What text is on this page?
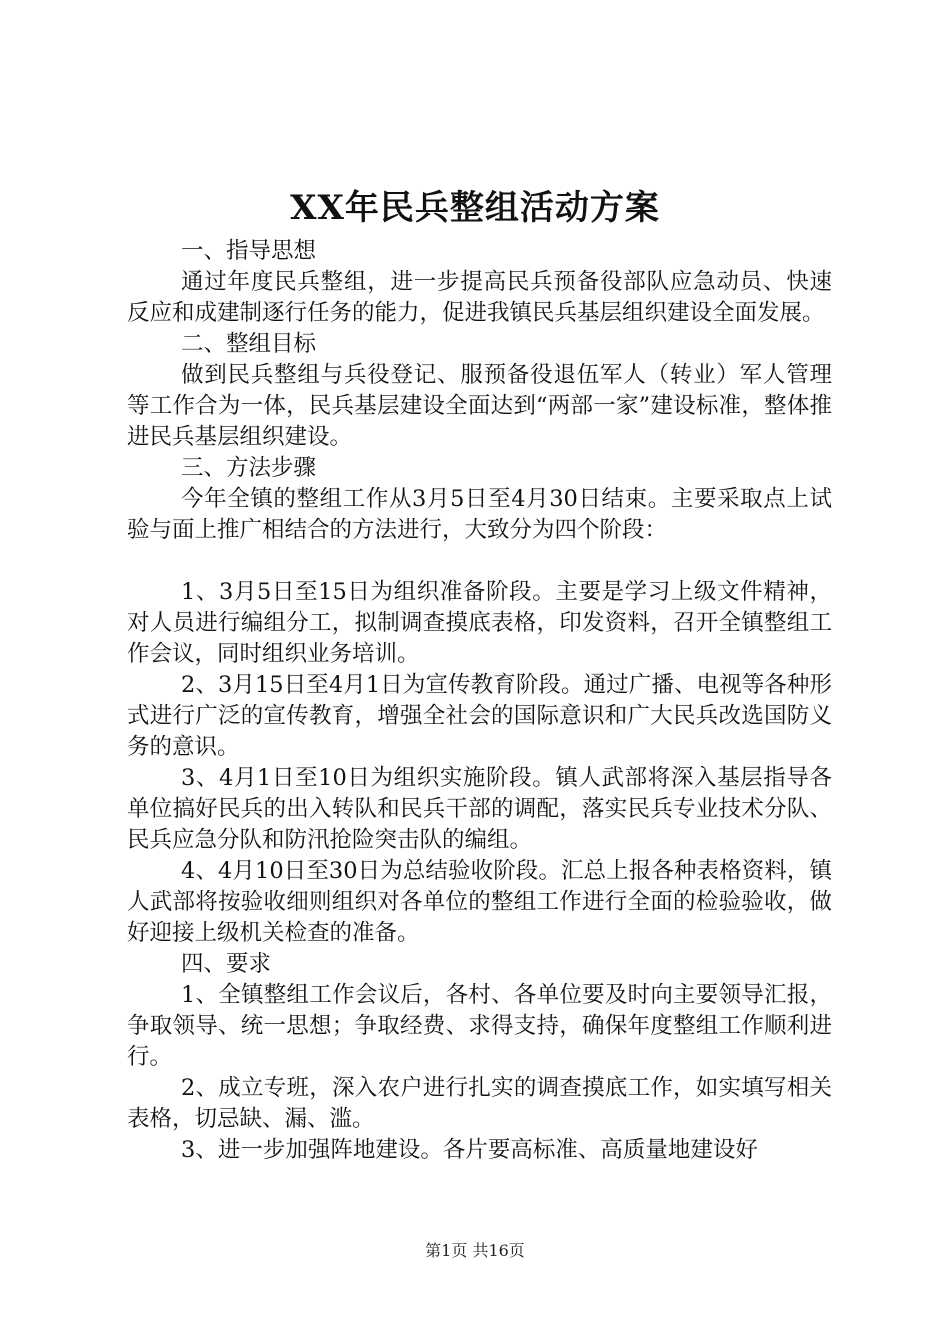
XX年民兵整组活动方案

一、指导思想

通过年度民兵整组，进一步提高民兵预备役部队应急动员、快速反应和成建制逐行任务的能力，促进我镇民兵基层组织建设全面发展。

二、整组目标

做到民兵整组与兵役登记、服预备役退伍军人（转业）军人管理等工作合为一体，民兵基层建设全面达到“两部一家”建设标准，整体推进民兵基层组织建设。

三、方法步骤

今年全镇的整组工作从3月5日至4月30日结束。主要采取点上试验与面上推广相结合的方法进行，大致分为四个阶段：

1、3月5日至15日为组织准备阶段。主要是学习上级文件精神，对人员进行编组分工，拟制调查摸底表格，印发资料，召开全镇整组工作会议，同时组织业务培训。

2、3月15日至4月1日为宣传教育阶段。通过广播、电视等各种形式进行广泛的宣传教育，增强全社会的国际意识和广大民兵改选国防义务的意识。

3、4月1日至10日为组织实施阶段。镇人武部将深入基层指导各单位搞好民兵的出入转队和民兵干部的调配，落实民兵专业技术分队、民兵应急分队和防汛抢险突击队的编组。

4、4月10日至30日为总结验收阶段。汇总上报各种表格资料，镇人武部将按验收细则组织对各单位的整组工作进行全面的检验验收，做好迎接上级机关检查的准备。

四、要求

1、全镇整组工作会议后，各村、各单位要及时向主要领导汇报，争取领导、统一思想；争取经费、求得支持，确保年度整组工作顺利进行。

2、成立专班，深入农户进行扎实的调查摸底工作，如实填写相关表格，切忌缺、漏、滥。

3、进一步加强阵地建设。各片要高标准、高质量地建设好

第1页 共16页
